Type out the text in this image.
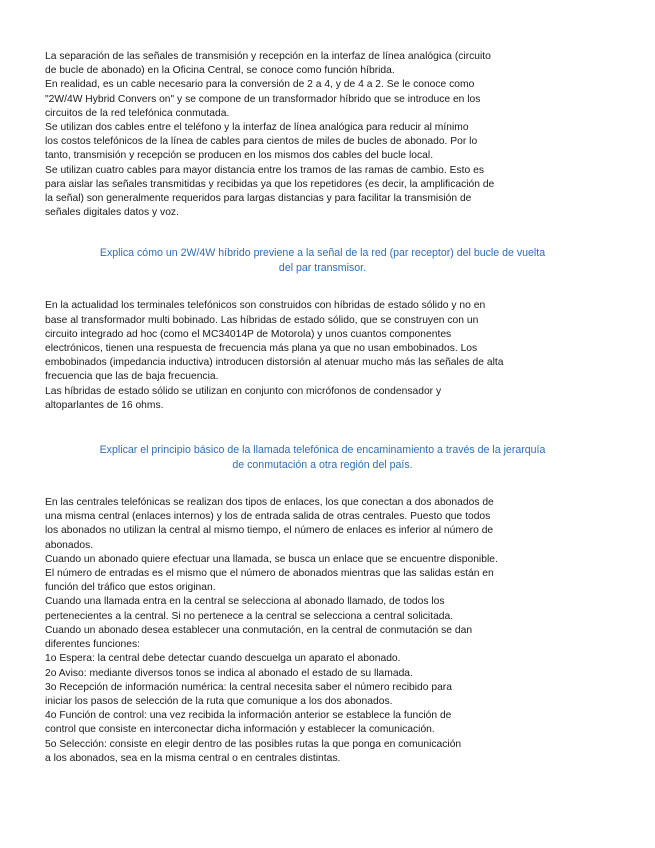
La separación de las señales de transmisión y recepción en la interfaz de línea analógica (circuito
de bucle de abonado) en la Oficina Central, se conoce como función híbrida.
En realidad, es un cable necesario para la conversión de 2 a 4, y de 4 a 2. Se le conoce como
"2W/4W Hybrid Convers on" y se compone de un transformador híbrido que se introduce en los
circuitos de la red telefónica conmutada.
Se utilizan dos cables entre el teléfono y la interfaz de línea analógica para reducir al mínimo
los costos telefónicos de la línea de cables para cientos de miles de bucles de abonado. Por lo
tanto, transmisión y recepción se producen en los mismos dos cables del bucle local.
Se utilizan cuatro cables para mayor distancia entre los tramos de las ramas de cambio. Esto es
para aislar las señales transmitidas y recibidas ya que los repetidores (es decir, la amplificación de
la señal) son generalmente requeridos para largas distancias y para facilitar la transmisión de
señales digitales datos y voz.
Explica cómo un 2W/4W híbrido previene a la señal de la red (par receptor) del bucle de vuelta
del par transmisor.
En la actualidad los terminales telefónicos son construidos con híbridas de estado sólido y no en
base al transformador multi bobinado. Las híbridas de estado sólido, que se construyen con un
circuito integrado ad hoc (como el MC34014P de Motorola) y unos cuantos componentes
electrónicos, tienen una respuesta de frecuencia más plana ya que no usan embobinados. Los
embobinados (impedancia inductiva) introducen distorsión al atenuar mucho más las señales de alta
frecuencia que las de baja frecuencia.
Las híbridas de estado sólido se utilizan en conjunto con micrófonos de condensador y
altoparlantes de 16 ohms.
Explicar el principio básico de la llamada telefónica de encaminamiento a través de la jerarquía
de conmutación a otra región del país.
En las centrales telefónicas se realizan dos tipos de enlaces, los que conectan a dos abonados de
una misma central (enlaces internos) y los de entrada salida de otras centrales. Puesto que todos
los abonados no utilizan la central al mismo tiempo, el número de enlaces es inferior al número de
abonados.
Cuando un abonado quiere efectuar una llamada, se busca un enlace que se encuentre disponible.
El número de entradas es el mismo que el número de abonados mientras que las salidas están en
función del tráfico que estos originan.
Cuando una llamada entra en la central se selecciona al abonado llamado, de todos los
pertenecientes a la central. Si no pertenece a la central se selecciona a central solicitada.
Cuando un abonado desea establecer una conmutación, en la central de conmutación se dan
diferentes funciones:
1o Espera: la central debe detectar cuando descuelga un aparato el abonado.
2o Aviso: mediante diversos tonos se indica al abonado el estado de su llamada.
3o Recepción de información numérica: la central necesita saber el número recibido para
iniciar los pasos de selección de la ruta que comunique a los dos abonados.
4o Función de control: una vez recibida la información anterior se establece la función de
control que consiste en interconectar dicha información y establecer la comunicación.
5o Selección: consiste en elegir dentro de las posibles rutas la que ponga en comunicación
a los abonados, sea en la misma central o en centrales distintas.
